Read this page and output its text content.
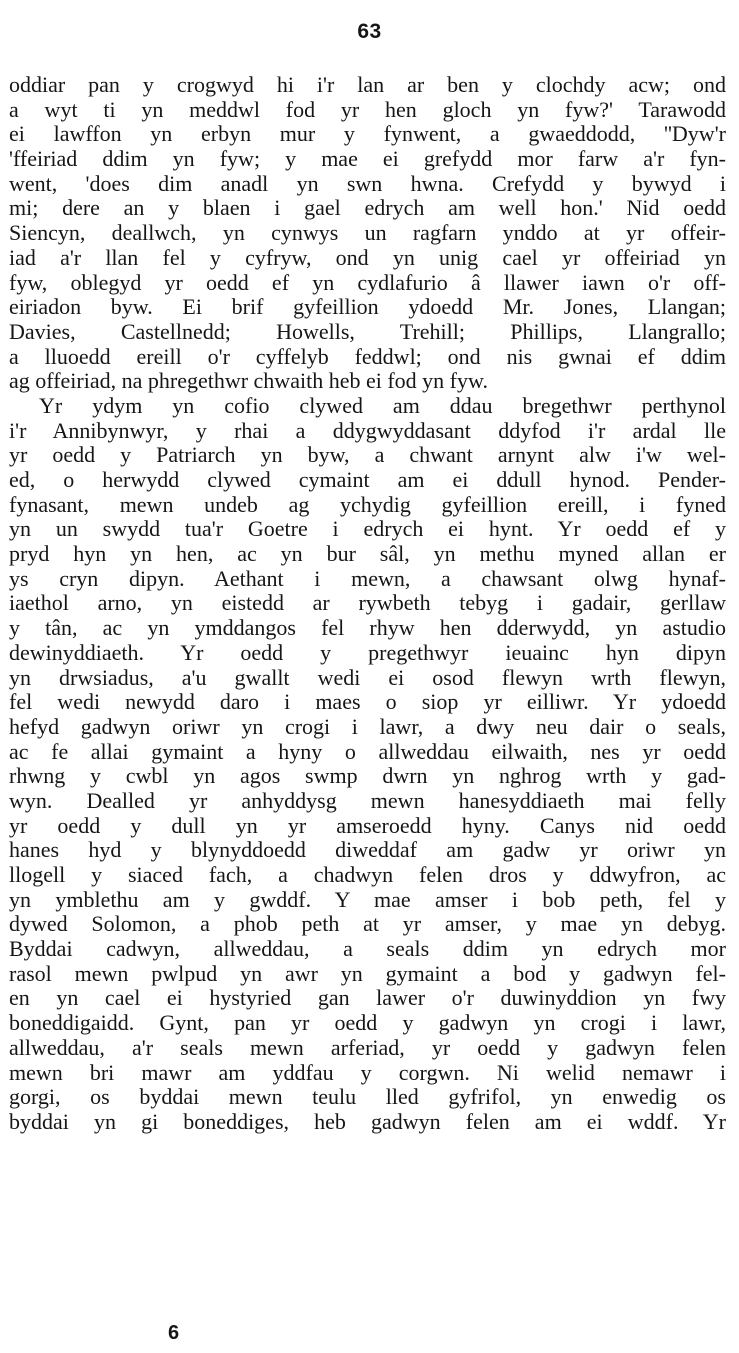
63
oddiar pan y crogwyd hi i'r lan ar ben y clochdy acw; ond
a wyt ti yn meddwl fod yr hen gloch yn fyw?' Tarawodd
ei lawffon yn erbyn mur y fynwent, a gwaeddodd, ''Dyw'r
'ffeiriad ddim yn fyw; y mae ei grefydd mor farw a'r fyn-
went, 'does dim anadl yn swn hwna. Crefydd y bywyd i
mi; dere an y blaen i gael edrych am well hon.' Nid oedd
Siencyn, deallwch, yn cynwys un ragfarn ynddo at yr offeir-
iad a'r llan fel y cyfryw, ond yn unig cael yr offeiriad yn
fyw, oblegyd yr oedd ef yn cydlafurio â llawer iawn o'r off-
eiriadon byw. Ei brif gyfeillion ydoedd Mr. Jones, Llangan;
Davies, Castellnedd; Howells, Trehill; Phillips, Llangrallo;
a lluoedd ereill o'r cyffelyb feddwl; ond nis gwnai ef ddim
ag offeiriad, na phregethwr chwaith heb ei fod yn fyw.
Yr ydym yn cofio clywed am ddau bregethwr perthynol
i'r Annibynwyr, y rhai a ddygwyddasant ddyfod i'r ardal lle
yr oedd y Patriarch yn byw, a chwant arnynt alw i'w wel-
ed, o herwydd clywed cymaint am ei ddull hynod. Pender-
fynasant, mewn undeb ag ychydig gyfeillion ereill, i fyned
yn un swydd tua'r Goetre i edrych ei hynt. Yr oedd ef y
pryd hyn yn hen, ac yn bur sâl, yn methu myned allan er
ys cryn dipyn. Aethant i mewn, a chawsant olwg hynaf-
iaethol arno, yn eistedd ar rywbeth tebyg i gadair, gerllaw
y tân, ac yn ymddangos fel rhyw hen dderwydd, yn astudio
dewinyddiaeth. Yr oedd y pregethwyr ieuainc hyn dipyn
yn drwsiadus, a'u gwallt wedi ei osod flewyn wrth flewyn,
fel wedi newydd daro i maes o siop yr eilliwr. Yr ydoedd
hefyd gadwyn oriwr yn crogi i lawr, a dwy neu dair o seals,
ac fe allai gymaint a hyny o allweddau eilwaith, nes yr oedd
rhwng y cwbl yn agos swmp dwrn yn nghrog wrth y gad-
wyn. Dealled yr anhyddysg mewn hanesyddiaeth mai felly
yr oedd y dull yn yr amseroedd hyny. Canys nid oedd
hanes hyd y blynyddoedd diweddaf am gadw yr oriwr yn
llogell y siaced fach, a chadwyn felen dros y ddwyfron, ac
yn ymblethu am y gwddf. Y mae amser i bob peth, fel y
dywed Solomon, a phob peth at yr amser, y mae yn debyg.
Byddai cadwyn, allweddau, a seals ddim yn edrych mor
rasol mewn pwlpud yn awr yn gymaint a bod y gadwyn fel-
en yn cael ei hystyried gan lawer o'r duwinyddion yn fwy
boneddigaidd. Gynt, pan yr oedd y gadwyn yn crogi i lawr,
allweddau, a'r seals mewn arferiad, yr oedd y gadwyn felen
mewn bri mawr am yddfau y corgwn. Ni welid nemawr i
gorgi, os byddai mewn teulu lled gyfrifol, yn enwedig os
byddai yn gi boneddiges, heb gadwyn felen am ei wddf. Yr
6
